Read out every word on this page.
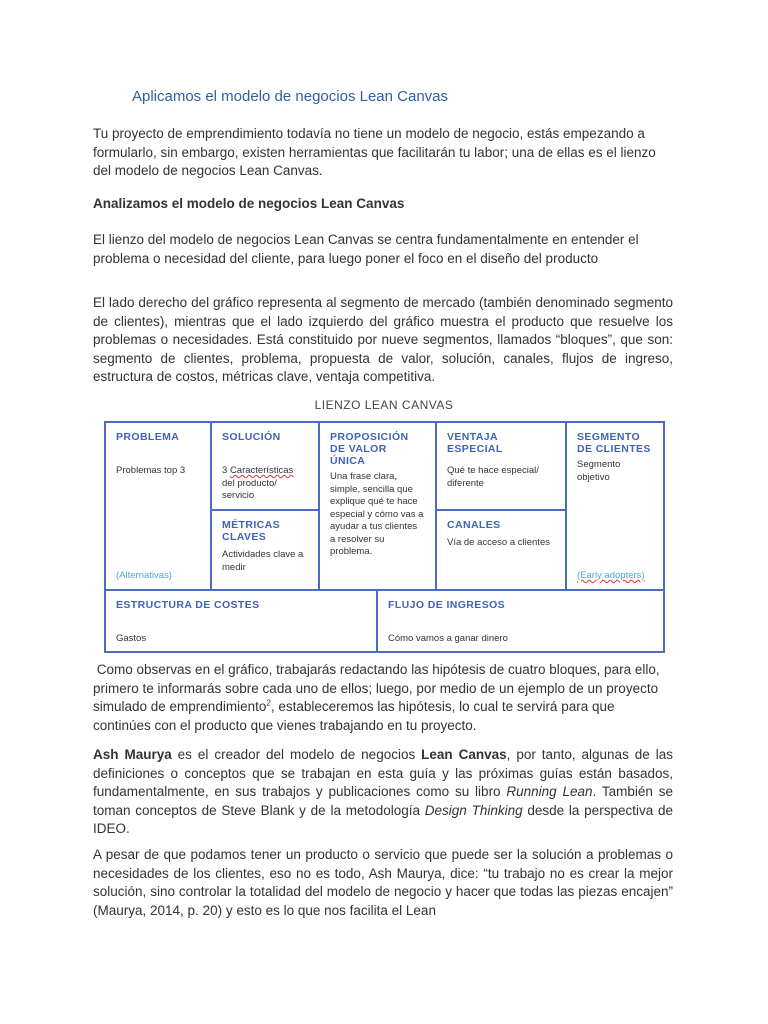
Aplicamos el modelo de negocios Lean Canvas

Tu proyecto de emprendimiento todavía no tiene un modelo de negocio, estás empezando a formularlo, sin embargo, existen herramientas que facilitarán tu labor; una de ellas es el lienzo del modelo de negocios Lean Canvas.

Analizamos el modelo de negocios Lean Canvas

El lienzo del modelo de negocios Lean Canvas se centra fundamentalmente en entender el problema o necesidad del cliente, para luego poner el foco en el diseño del producto

El lado derecho del gráfico representa al segmento de mercado (también denominado segmento de clientes), mientras que el lado izquierdo del gráfico muestra el producto que resuelve los problemas o necesidades. Está constituido por nueve segmentos, llamados “bloques”, que son: segmento de clientes, problema, propuesta de valor, solución, canales, flujos de ingreso, estructura de costos, métricas clave, ventaja competitiva.

Como observas en el gráfico, trabajarás redactando las hipótesis de cuatro bloques, para ello, primero te informarás sobre cada uno de ellos; luego, por medio de un ejemplo de un proyecto simulado de emprendimiento$^2$, estableceremos las hipótesis, lo cual te servirá para que continúes con el producto que vienes trabajando en tu proyecto.

Ash Maurya es el creador del modelo de negocios Lean Canvas, por tanto, algunas de las definiciones o conceptos que se trabajan en esta guía y las próximas guías están basados, fundamentalmente, en sus trabajos y publicaciones como su libro Running Lean. También se toman conceptos de Steve Blank y de la metodología Design Thinking desde la perspectiva de IDEO.

A pesar de que podamos tener un producto o servicio que puede ser la solución a problemas o necesidades de los clientes, eso no es todo, Ash Maurya, dice: “tu trabajo no es crear la mejor solución, sino controlar la totalidad del modelo de negocio y hacer que todas las piezas encajen” (Maurya, 2014, p. 20) y esto es lo que nos facilita el Lean

LIENZO LEAN CANVAS
PROBLEMA
Problemas top 3
(Alternativas)
SOLUCIÓN
3 Características del producto/ servicio
MÉTRICAS CLAVES
Actividades clave a medir
PROPOSICIÓN DE VALOR ÚNICA
Una frase clara, simple, sencilla que explique qué te hace especial y cómo vas a ayudar a tus clientes a resolver su problema.
VENTAJA ESPECIAL
Qué te hace especial/ diferente
CANALES
Vía de acceso a clientes
SEGMENTO DE CLIENTES
Segmento objetivo
(Early adopters)
ESTRUCTURA DE COSTES
Gastos
FLUJO DE INGRESOS
Cómo vamos a ganar dinero
